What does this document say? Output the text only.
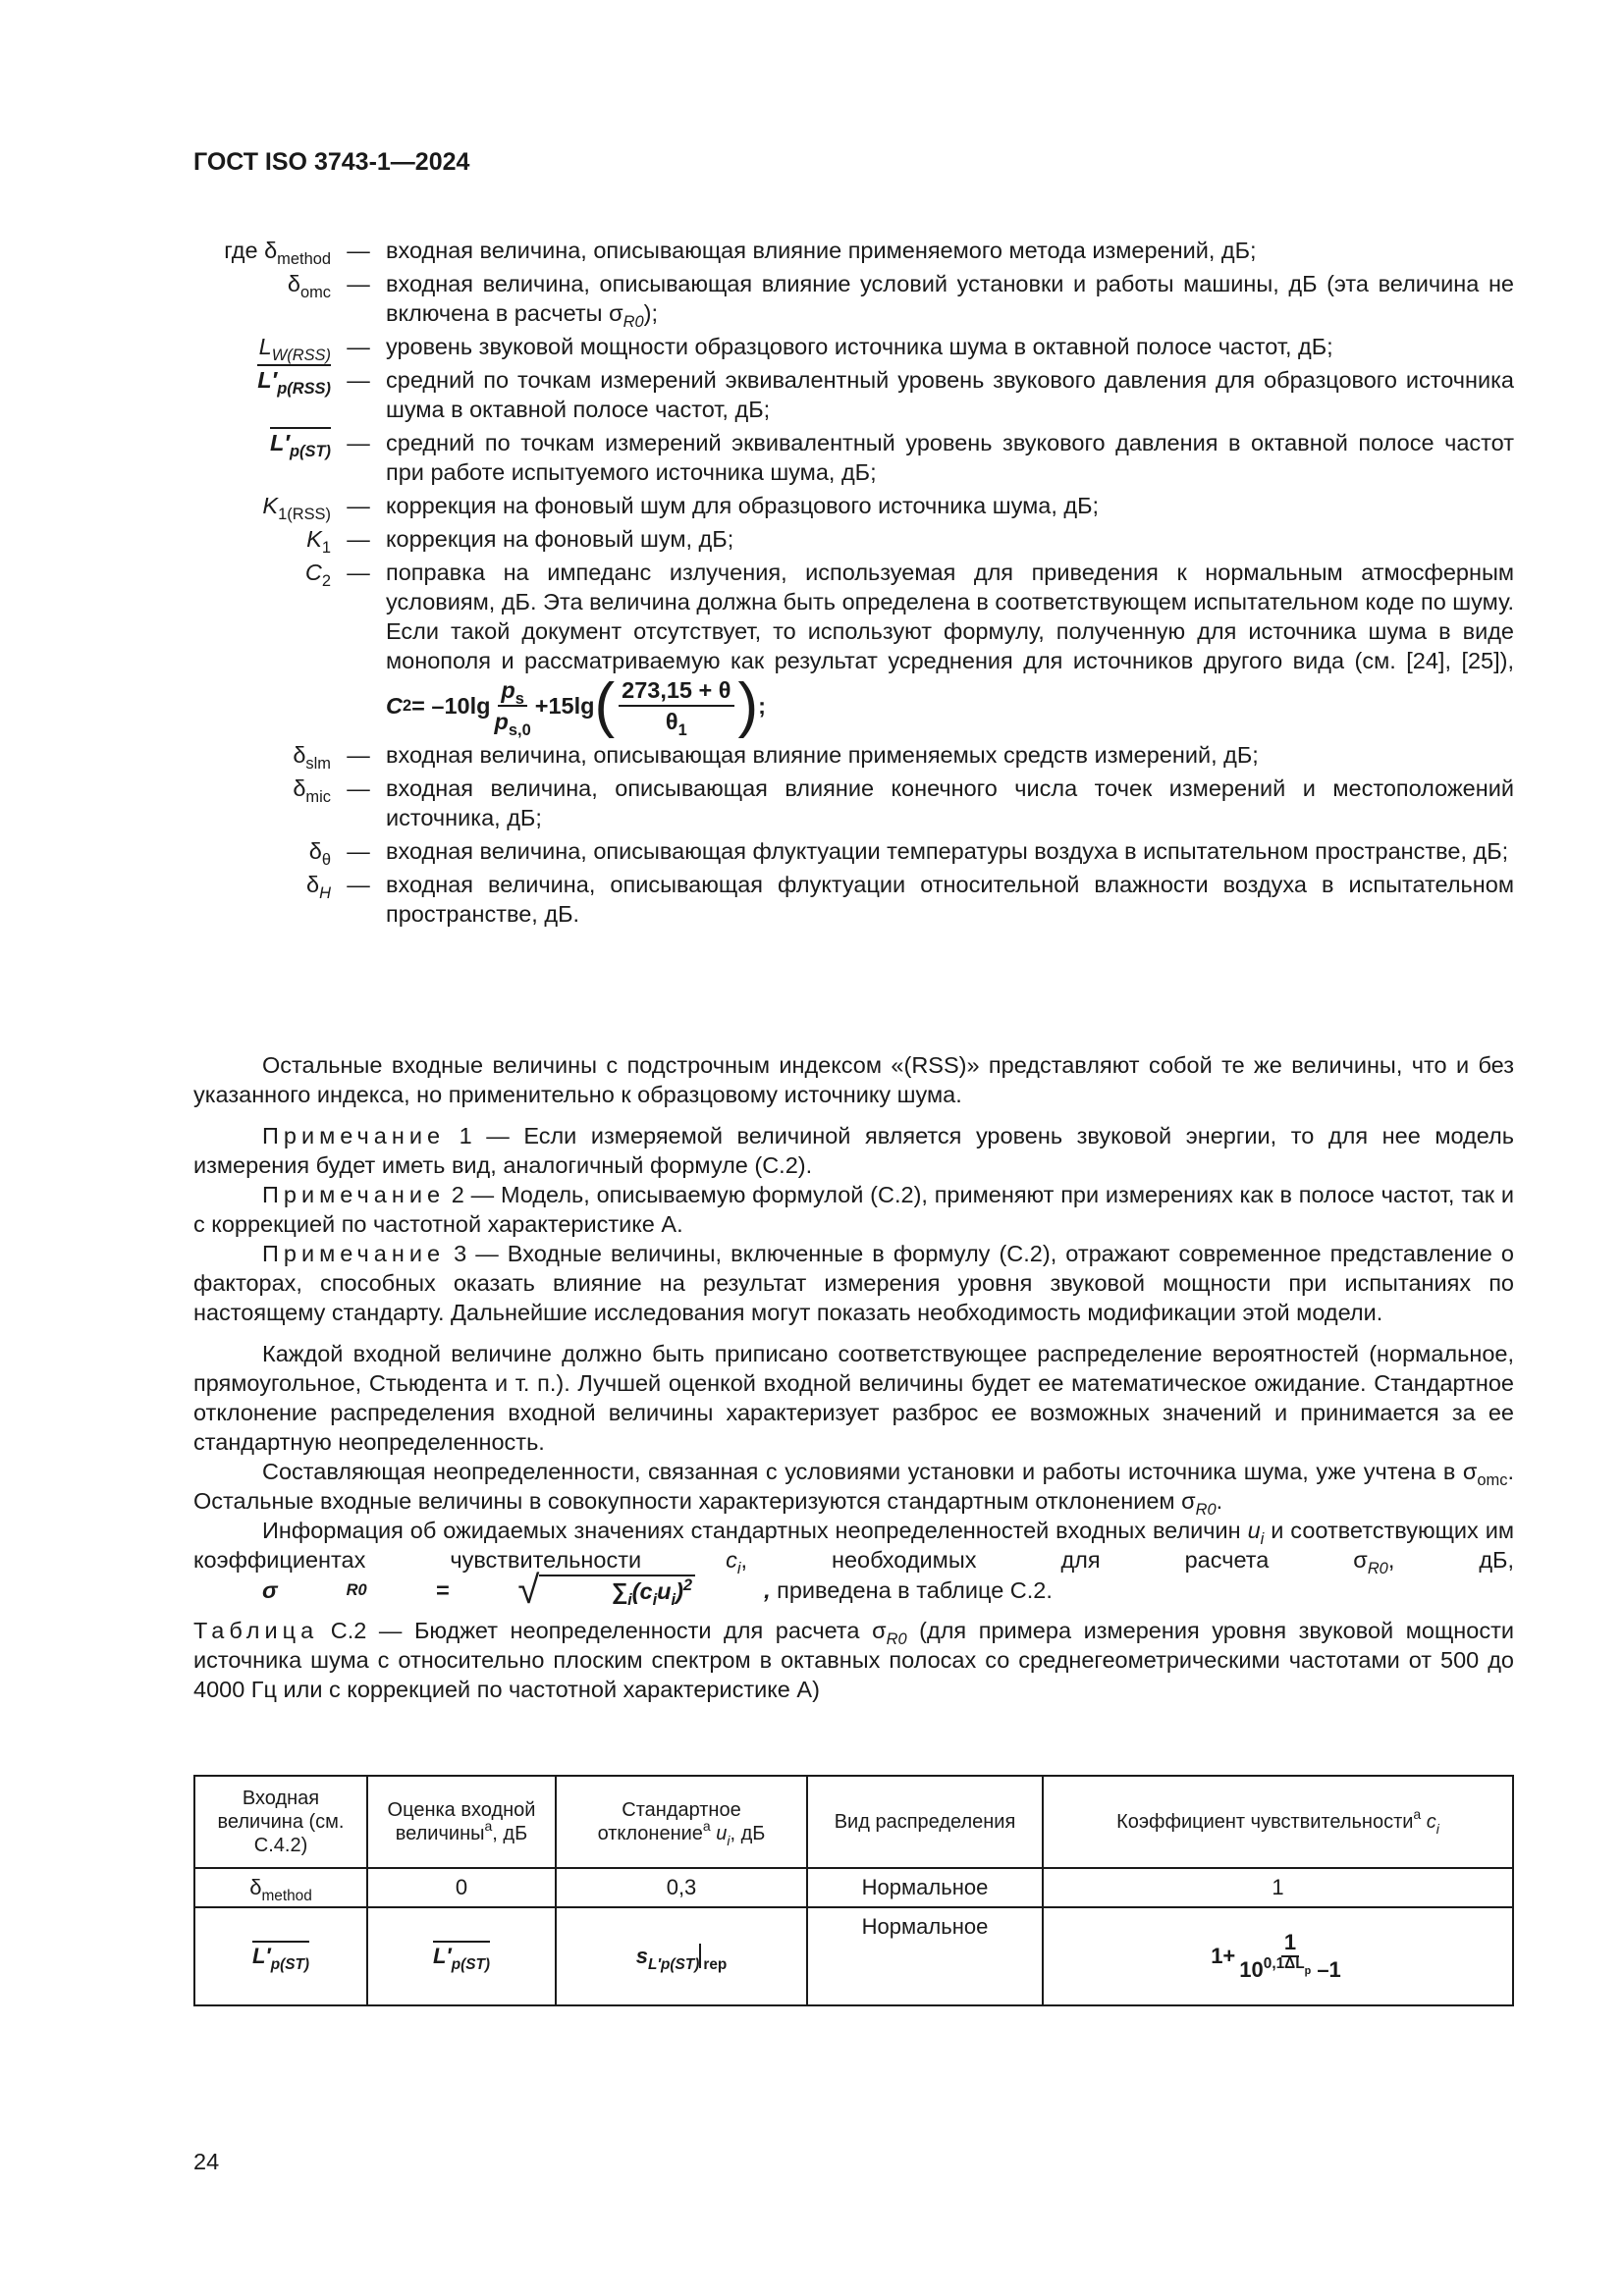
ГОСТ ISO 3743-1—2024
где $\delta_{method}$ — входная величина, описывающая влияние применяемого метода измерений, дБ;
$\delta_{omc}$ — входная величина, описывающая влияние условий установки и работы машины, дБ (эта величина не включена в расчеты $\sigma_{R0}$);
$L_{W(RSS)}$ — уровень звуковой мощности образцового источника шума в октавной полосе частот, дБ;
$L'_{p(RSS)}$ — средний по точкам измерений эквивалентный уровень звукового давления для образцового источника шума в октавной полосе частот, дБ;
$L'_{p(ST)}$ — средний по точкам измерений эквивалентный уровень звукового давления в октавной полосе частот при работе испытуемого источника шума, дБ;
$K_{1(RSS)}$ — коррекция на фоновый шум для образцового источника шума, дБ;
$K_1$ — коррекция на фоновый шум, дБ;
$C_2$ — поправка на импеданс излучения, используемая для приведения к нормальным атмосферным условиям, дБ. Эта величина должна быть определена в соответствующем испытательном коде по шуму. Если такой документ отсутствует, то используют формулу, полученную для источника шума в виде монополя и рассматриваемую как результат усреднения для источников другого вида (см. [24], [25]),
C $2 = -10\lg \frac{p_s}{p_{s,0}} +15\lg$ ( $\frac{273,15 + \theta}{\theta_1}$ ) ;
$\delta_{slm}$ — входная величина, описывающая влияние применяемых средств измерений, дБ;
$\delta_{mic}$ — входная величина, описывающая влияние конечного числа точек измерений и местоположений источника, дБ;
$\delta_\theta$ — входная величина, описывающая флуктуации температуры воздуха в испытательном пространстве, дБ;
$\delta_H$ — входная величина, описывающая флуктуации относительной влажности воздуха в испытательном пространстве, дБ.

Остальные входные величины с подстрочным индексом «(RSS)» представляют собой те же величины, что и без указанного индекса, но применительно к образцовому источнику шума.

Примечание 1 — Если измеряемой величиной является уровень звуковой энергии, то для нее модель измерения будет иметь вид, аналогичный формуле (С.2).

Примечание 2 — Модель, описываемую формулой (С.2), применяют при измерениях как в полосе частот, так и с коррекцией по частотной характеристике А.

Примечание 3 — Входные величины, включенные в формулу (С.2), отражают современное представление о факторах, способных оказать влияние на результат измерения уровня звуковой мощности при испытаниях по настоящему стандарту. Дальнейшие исследования могут показать необходимость модификации этой модели.

Каждой входной величине должно быть приписано соответствующее распределение вероятностей (нормальное, прямоугольное, Стьюдента и т. п.). Лучшей оценкой входной величины будет ее математическое ожидание. Стандартное отклонение распределения входной величины характеризует разброс ее возможных значений и принимается за ее стандартную неопределенность.

Составляющая неопределенности, связанная с условиями установки и работы источника шума, уже учтена в $\sigma_{omc}$. Остальные входные величины в совокупности характеризуются стандартным отклонением $\sigma_{R0}$.

Информация об ожидаемых значениях стандартных неопределенностей входных величин $u_i$ и соответствующих им коэффициентах чувствительности $c_i$, необходимых для расчета $\sigma_{R0}$, дБ,
σ	R0	=	√	$\sum_i(c_iu_i)^2$	, приведена в таблице С.2.

Таблица С.2 — Бюджет неопределенности для расчета $\sigma_{R0}$ (для примера измерения уровня звуковой мощности источника шума с относительно плоским спектром в октавных полосах со среднегеометрическими частотами от 500 до 4000 Гц или с коррекцией по частотной характеристике А)

Входная величина (см. С.4.2)	Оценка входной величины$^a$, дБ	Стандартное отклонение$^a$ $u_i$, дБ	Вид распределения	Коэффициент чувствительности$^a$ $c_i$
$\delta_{method}$	0	0,3	Нормальное	1
$L'_{p(ST)}$	$L'_{p(ST)}$	$s_{L'p(ST)}$ $_{rep}$	Нормальное	$1+ \frac{1}{10^{0,1\Delta L_p} -1}$
24
